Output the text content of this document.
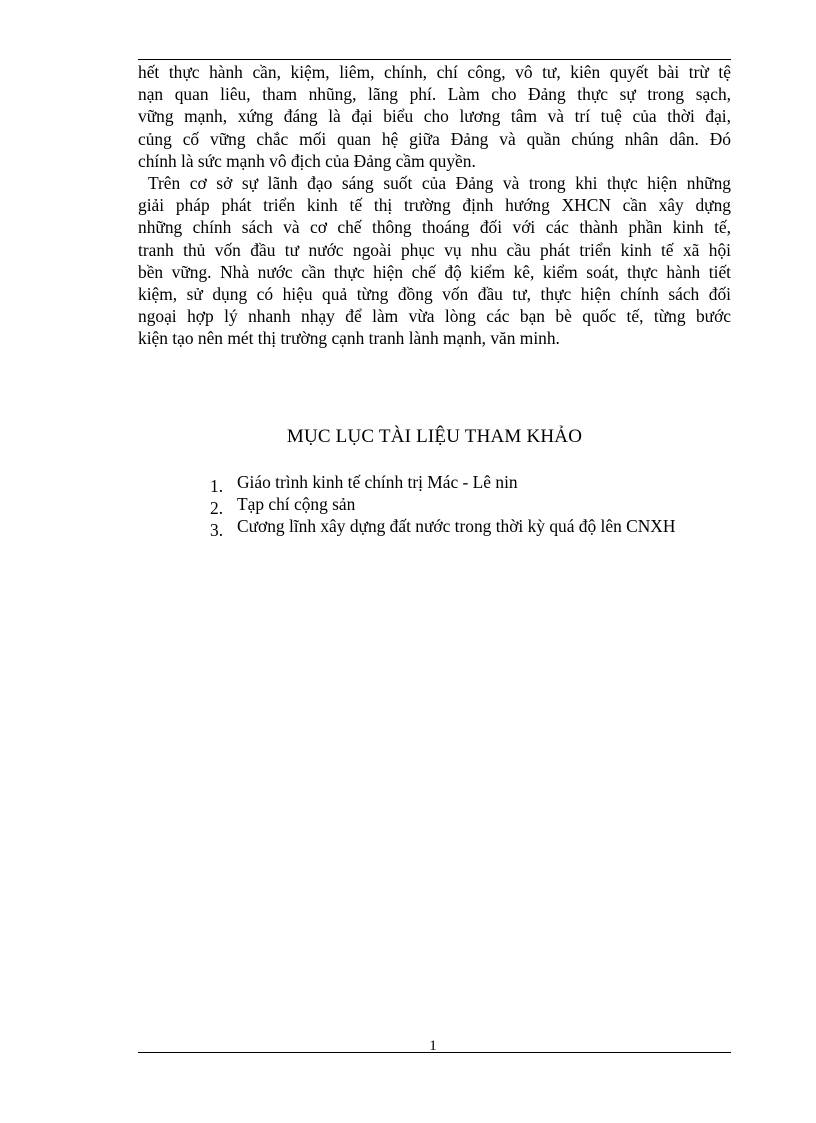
hết thực hành cần, kiệm, liêm, chính, chí công, vô tư, kiên quyết bài trừ tệ
nạn quan liêu, tham nhũng, lãng phí. Làm cho Đảng thực sự trong sạch,
vững mạnh, xứng đáng là đại biểu cho lương tâm và trí tuệ của thời đại,
củng cố vững chắc mối quan hệ giữa Đảng và quần chúng nhân dân. Đó
chính là sức mạnh vô địch của Đảng cầm quyền.
Trên cơ sở sự lãnh đạo sáng suốt của Đảng và trong khi thực hiện những
giải pháp phát triển kinh tế thị trường định hướng XHCN cần xây dựng
những chính sách và cơ chế thông thoáng đối với các thành phần kinh tế,
tranh thủ vốn đầu tư nước ngoài phục vụ nhu cầu phát triển kinh tế xã hội
bền vững. Nhà nước cần thực hiện chế độ kiểm kê, kiểm soát, thực hành tiết
kiệm, sử dụng có hiệu quả từng đồng vốn đầu tư, thực hiện chính sách đối
ngoại hợp lý nhanh nhạy để làm vừa lòng các bạn bè quốc tế, từng bước
kiện tạo nên mét thị trường cạnh tranh lành mạnh, văn minh.
MỤC LỤC TÀI LIỆU THAM KHẢO
1. Giáo trình kinh tế chính trị Mác - Lê nin
2. Tạp chí cộng sản
3. Cương lĩnh xây dựng đất nước trong thời kỳ quá độ lên CNXH
1
